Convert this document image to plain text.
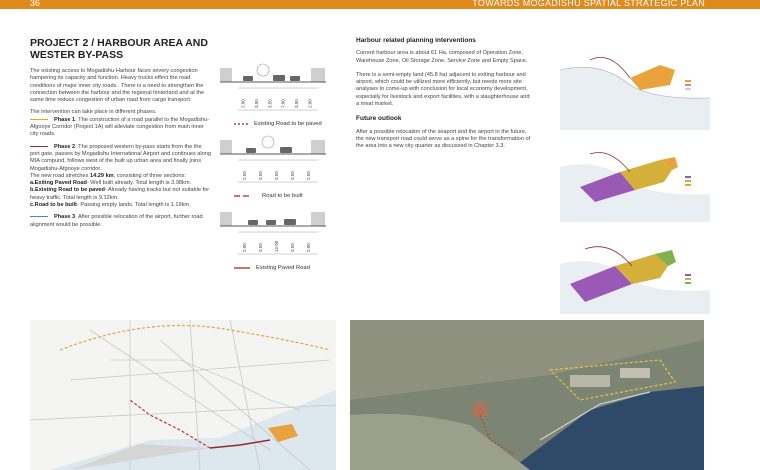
36	TOWARDS MOGADISHU SPATIAL STRATEGIC PLAN
PROJECT 2 / HARBOUR AREA AND WESTER BY-PASS

The existing access to Mogadishu Harbour faces severy congestion hampering its capacity and function. Heavy trucks effect the road conditions of major inner city roads . There is a need to strengthen the connection between the harbour and the regional hinterland and at the same time reduce congestion of urban road from cargo transport.

The intervention can take place in different phases.
Phase 1. The construction of a road parallel to the Mogadishu-Afgooye Corridor (Project 1A) will alleviate congestion from main inner city roads.

Phase 2. The proposed western by-pass starts from the the port gate, passes by Mogadishu International Airport and continues along MIA compund, follows west of the built up urban area and finally joins Mogadishu-Afgooye corridor.
The new road stretches 14.29 km, consisting of three sections:
a.Exiting Paved Road- Well built already. Total length is 3.98km.
b.Existing Road to be paved- Already having tracks but not suitable for heavy traffic. Total length is 9.12km.
c.Road to be built- Passing empty lands. Total length is 1.19km.

Phase 3. After possible relocation of the airport, further road alignment would be possible.

2.00 3.50 3.50 7.00 3.50 2.00
Existing Road to be paved
2.50 3.50 3.50 3.50 2.50
Road to be built
2.00 3.50 12.00 3.50 2.00
Existing Paved Road
Harbour related planning interventions

Current harbour area is about 61 Ha, composed of Operation Zone, Warehouse Zone, Oil Storage Zone, Service Zone and Empty Space.

There is a semi-empty land (45.8 ha) adjacent to exiting harbour and airport, which could be utilized more efficiently, but needs more site analyses to come-up with conclusion for local economy development, especially for livestock and export facilities, with a slaughterhouse and a meat market.

Future outlook

After a possible relocation of the seaport and the airport in the future, the new transport road could serve as a spine for the transformation of the area into a new city quarter as discussed in Chapter 3.3.
